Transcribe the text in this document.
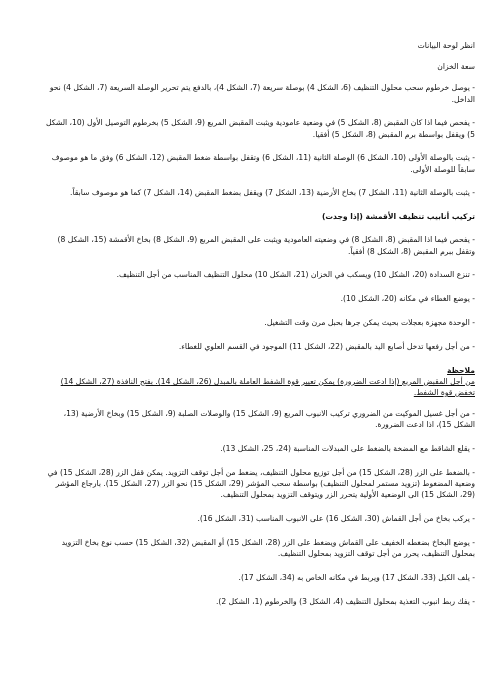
انظر لوحة البيانات

سعة الخزان

- يوصل خرطوم سحب محلول التنظيف (6، الشكل 4) بوصلة سريعة (7، الشكل 4)، بالدفع يتم تحرير الوصلة السريعة (7، الشكل 4) نحو الداخل.

- يفحص فيما اذا كان المقبض (8، الشكل 5) في وضعية عامودية ويثبت المقبض المربع (9، الشكل 5) بخرطوم التوصيل الأول (10، الشكل 5) ويقفل بواسطة برم المقبض (8، الشكل 5) أفقيا.

- يثبت بالوصلة الأولى (10، الشكل 6) الوصلة الثانية (11، الشكل 6) وتقفل بواسطة ضغط المقبض (12، الشكل 6) وفق ما هو موصوف سابقاً للوصلة الأولى.

- يثبت بالوصلة الثانية (11، الشكل 7) بخاخ الأرضية (13، الشكل 7) ويقفل بضغط المقبض (14، الشكل 7) كما هو موصوف سابقاً.

تركيب أنابيب تنظيف الأقمشة (إذا وجدت)

- يفحص فيما اذا المقبض (8، الشكل 8) في وضعيته العامودية ويثبت على المقبض المربع (9، الشكل 8) بخاخ الأقمشة (15، الشكل 8) وتقفل ببرم المقبض (8، الشكل 8) أفقياً.

- تنزع السدادة (20، الشكل 10) ويسكب في الخزان (21، الشكل 10) محلول التنظيف المناسب من أجل التنظيف.

- يوضع الغطاء في مكانه (20، الشكل 10).

- الوحدة مجهزة بعجلات بحيث يمكن جرها بحبل مرن وقت التشغيل.

- من أجل رفعها تدخل أصابع اليد بالمقبض (22، الشكل 11) الموجود في القسم العلوي للغطاء.

ملاحظة

من أجل المقبض المربع (إذا ادعت الضرورة) يمكن تعيير قوة الشفط العاملة بالمبدل (26، الشكل 14). بفتح النافذة (27، الشكل 14) تخفض قوة الشفط.

- من أجل غسيل الموكيت من الضروري تركيب الانبوب المربع (9، الشكل 15) والوصلات الصلبة (9، الشكل 15) وبخاخ الأرضية (13، الشكل 15)، اذا ادعت الضرورة.

- يقلع الشاقط مع المضخة بالضغط على المبدلات المناسبة (24، 25، الشكل 13).

- بالضغط على الزر (28، الشكل 15) من أجل توزيع محلول التنظيف، يضغط من أجل توقف التزويد. يمكن قفل الزر (28، الشكل 15) في وضعية المضغوط (تزويد مستمر لمحلول التنظيف) بواسطة سحب المؤشر (29، الشكل 15) نحو الزر (27، الشكل 15). بارجاع المؤشر (29، الشكل 15) الى الوضعية الأولية يتحرر الزر ويتوقف التزويد بمحلول التنظيف.

- يركب بخاخ من أجل القماش (30، الشكل 16) على الانبوب المناسب (31، الشكل 16).

- يوضع البخاخ بضغطه الخفيف على القماش ويضغط على الزر (28، الشكل 15) أو المقبض (32، الشكل 15) حسب نوع بخاخ التزويد بمحلول التنظيف، يحرر من أجل توقف التزويد بمحلول التنظيف.

- يلف الكبل (33، الشكل 17) ويربط في مكانه الخاص به (34، الشكل 17).

- يفك ربط انبوب التغذية بمحلول التنظيف (4، الشكل 3) والخرطوم (1، الشكل 2).
